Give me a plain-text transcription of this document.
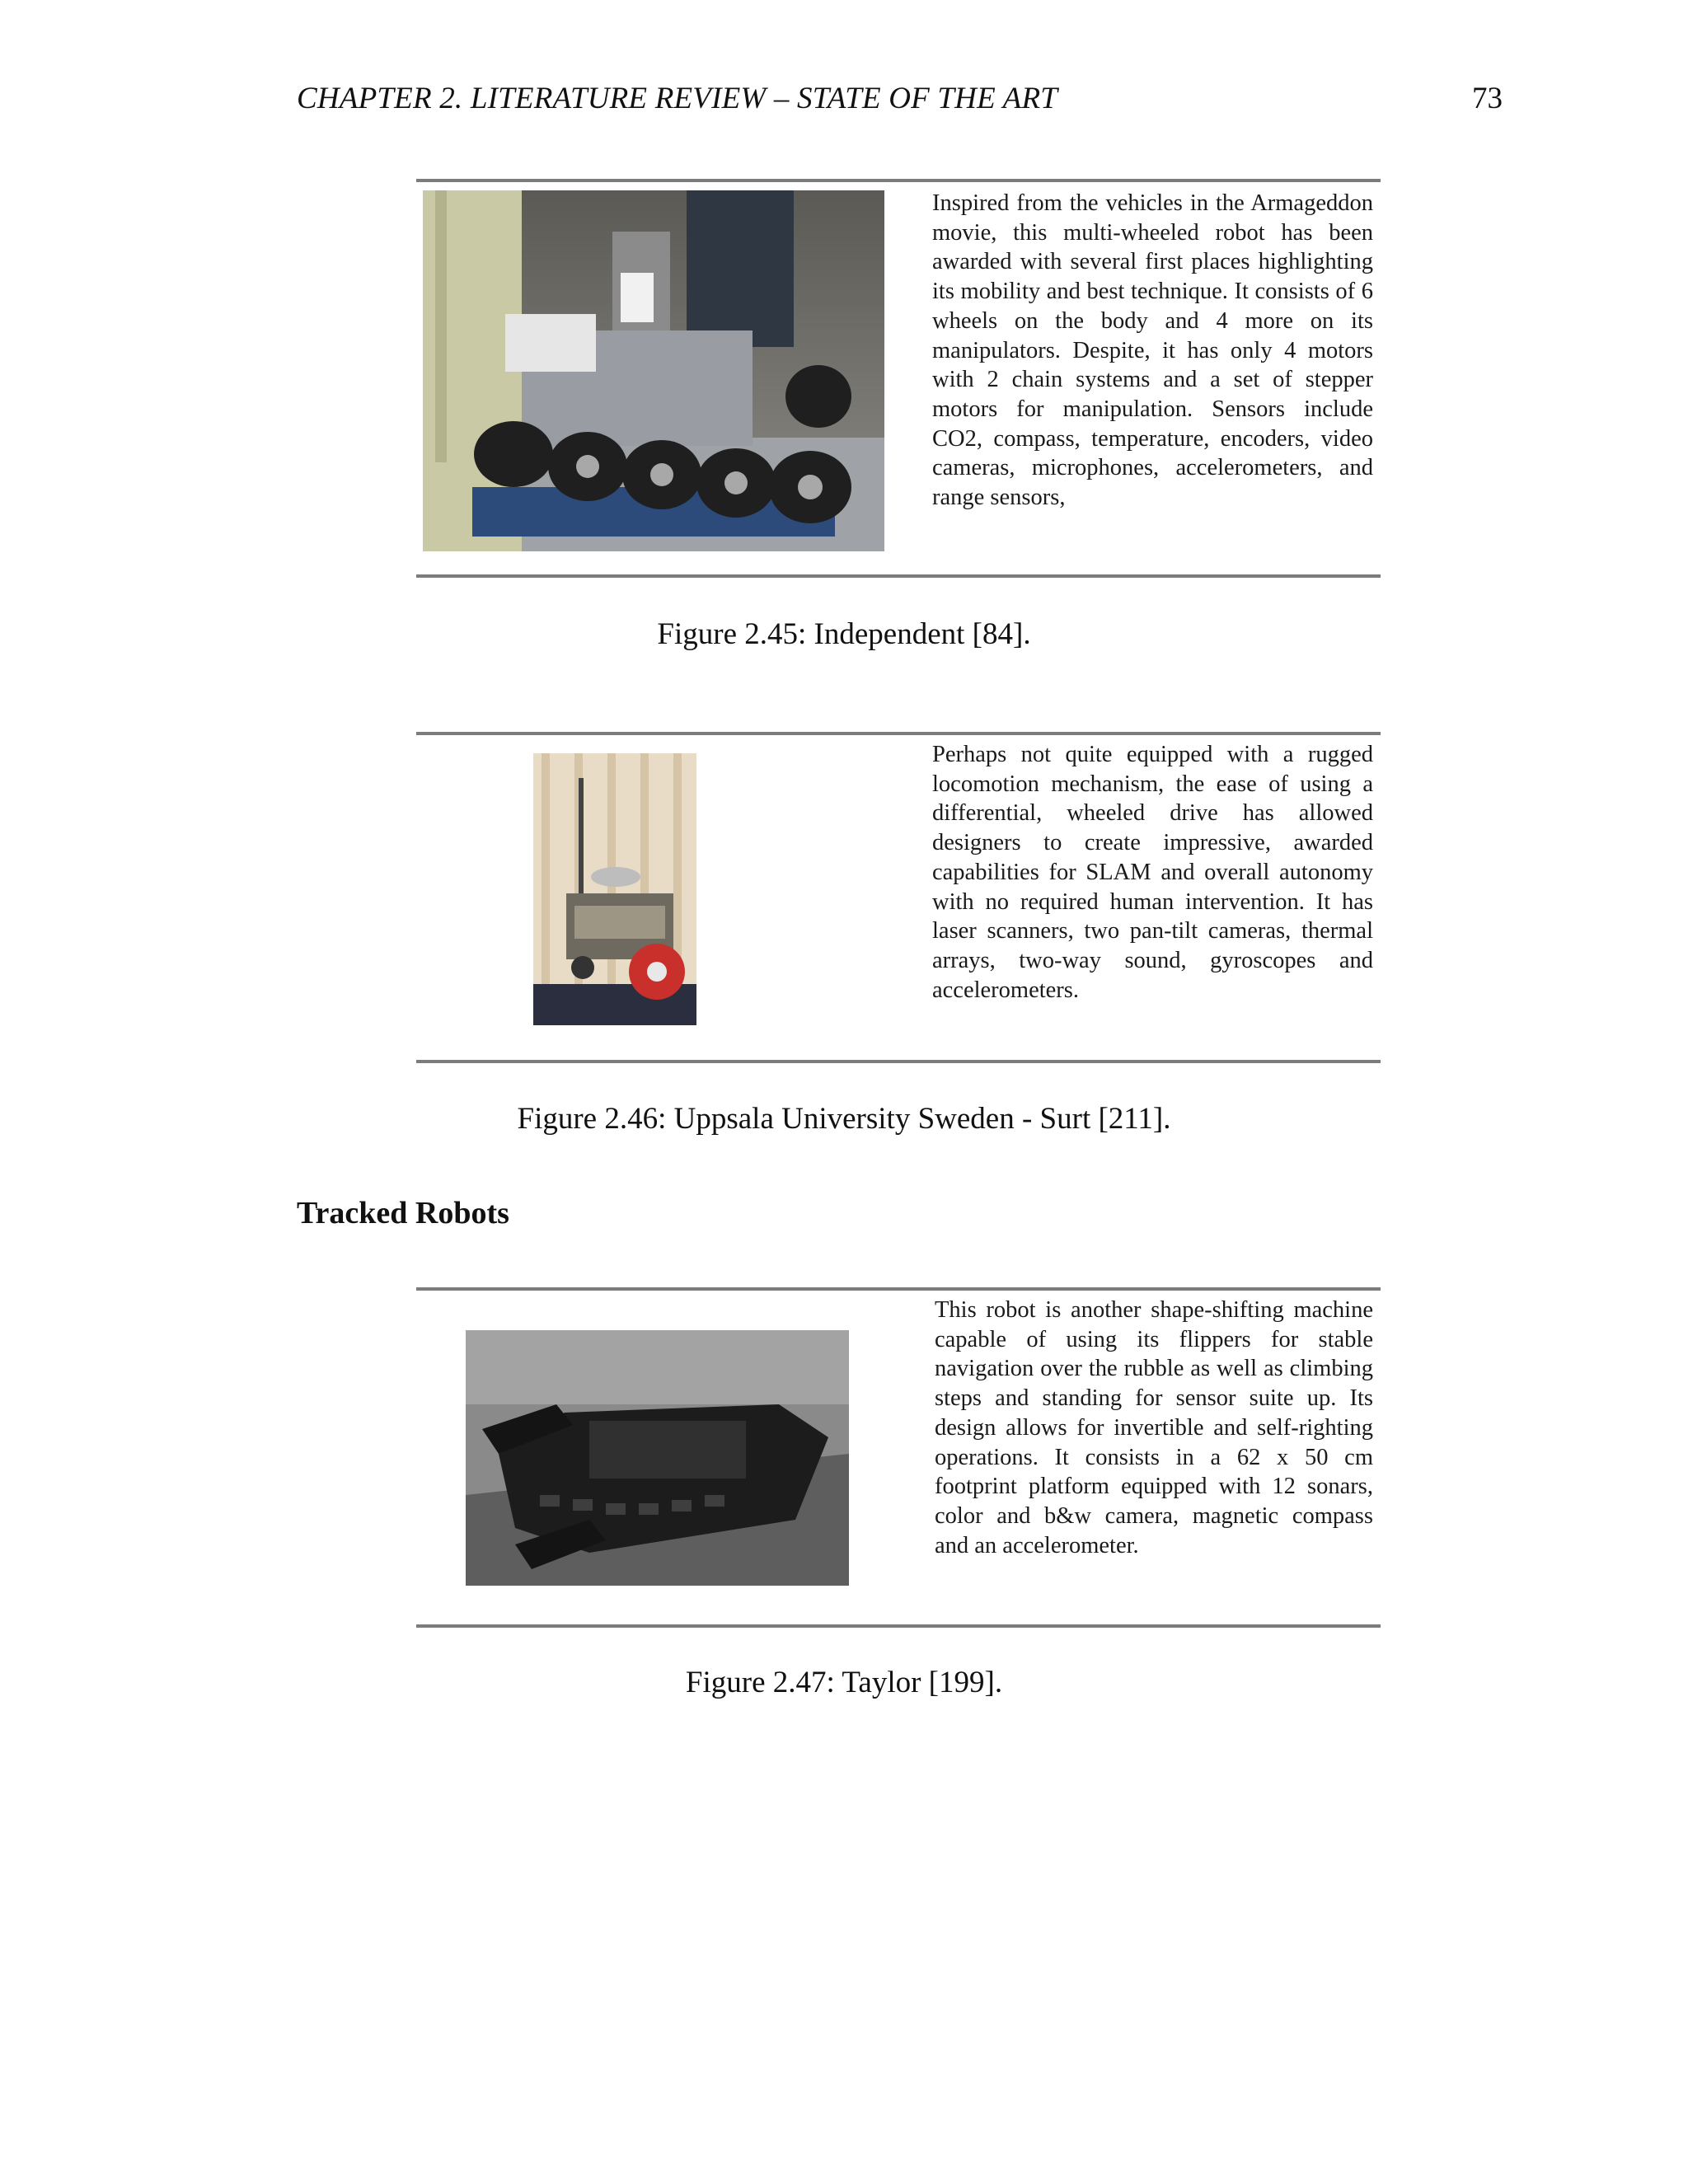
CHAPTER 2. LITERATURE REVIEW – STATE OF THE ART	73
Inspired from the vehicles in the Armageddon movie, this multi-wheeled robot has been awarded with several first places highlighting its mobility and best technique. It consists of 6 wheels on the body and 4 more on its manipulators. Despite, it has only 4 motors with 2 chain systems and a set of stepper motors for manipulation. Sensors include CO2, compass, temperature, encoders, video cameras, microphones, accelerometers, and range sensors,
Figure 2.45: Independent [84].
Perhaps not quite equipped with a rugged locomotion mechanism, the ease of using a differential, wheeled drive has allowed designers to create impressive, awarded capabilities for SLAM and overall autonomy with no required human intervention. It has laser scanners, two pan-tilt cameras, thermal arrays, two-way sound, gyroscopes and accelerometers.
Figure 2.46: Uppsala University Sweden - Surt [211].
Tracked Robots
This robot is another shape-shifting machine capable of using its flippers for stable navigation over the rubble as well as climbing steps and standing for sensor suite up. Its design allows for invertible and self-righting operations. It consists in a 62 x 50 cm footprint platform equipped with 12 sonars, color and b&w camera, magnetic compass and an accelerometer.
Figure 2.47: Taylor [199].
